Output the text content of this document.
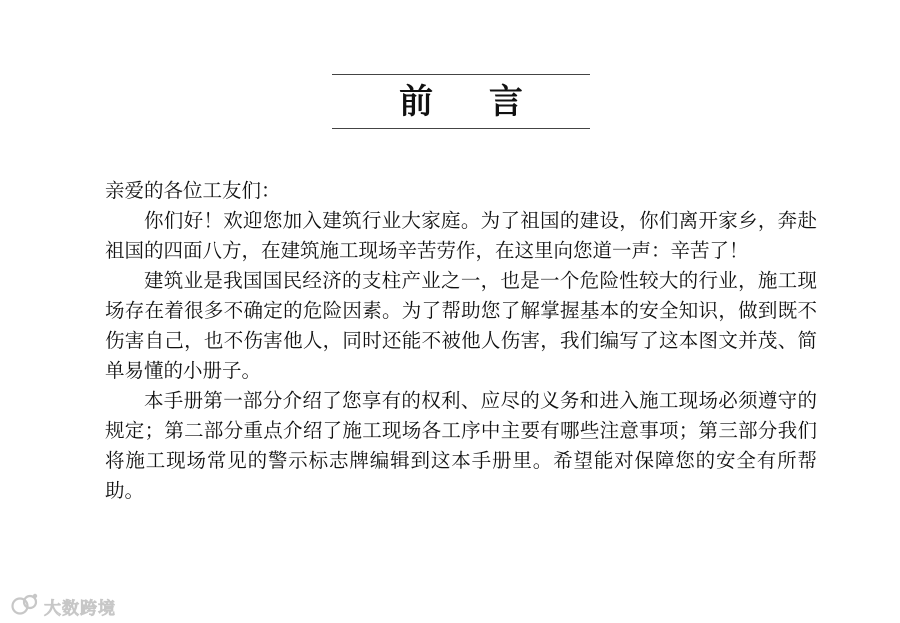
前 言

亲爱的各位工友们：

你们好！欢迎您加入建筑行业大家庭。为了祖国的建设，你们离开家乡，奔赴祖国的四面八方，在建筑施工现场辛苦劳作，在这里向您道一声：辛苦了！

建筑业是我国国民经济的支柱产业之一，也是一个危险性较大的行业，施工现场存在着很多不确定的危险因素。为了帮助您了解掌握基本的安全知识，做到既不伤害自己，也不伤害他人，同时还能不被他人伤害，我们编写了这本图文并茂、简单易懂的小册子。

本手册第一部分介绍了您享有的权利、应尽的义务和进入施工现场必须遵守的规定；第二部分重点介绍了施工现场各工序中主要有哪些注意事项；第三部分我们将施工现场常见的警示标志牌编辑到这本手册里。希望能对保障您的安全有所帮助。

大数跨境
